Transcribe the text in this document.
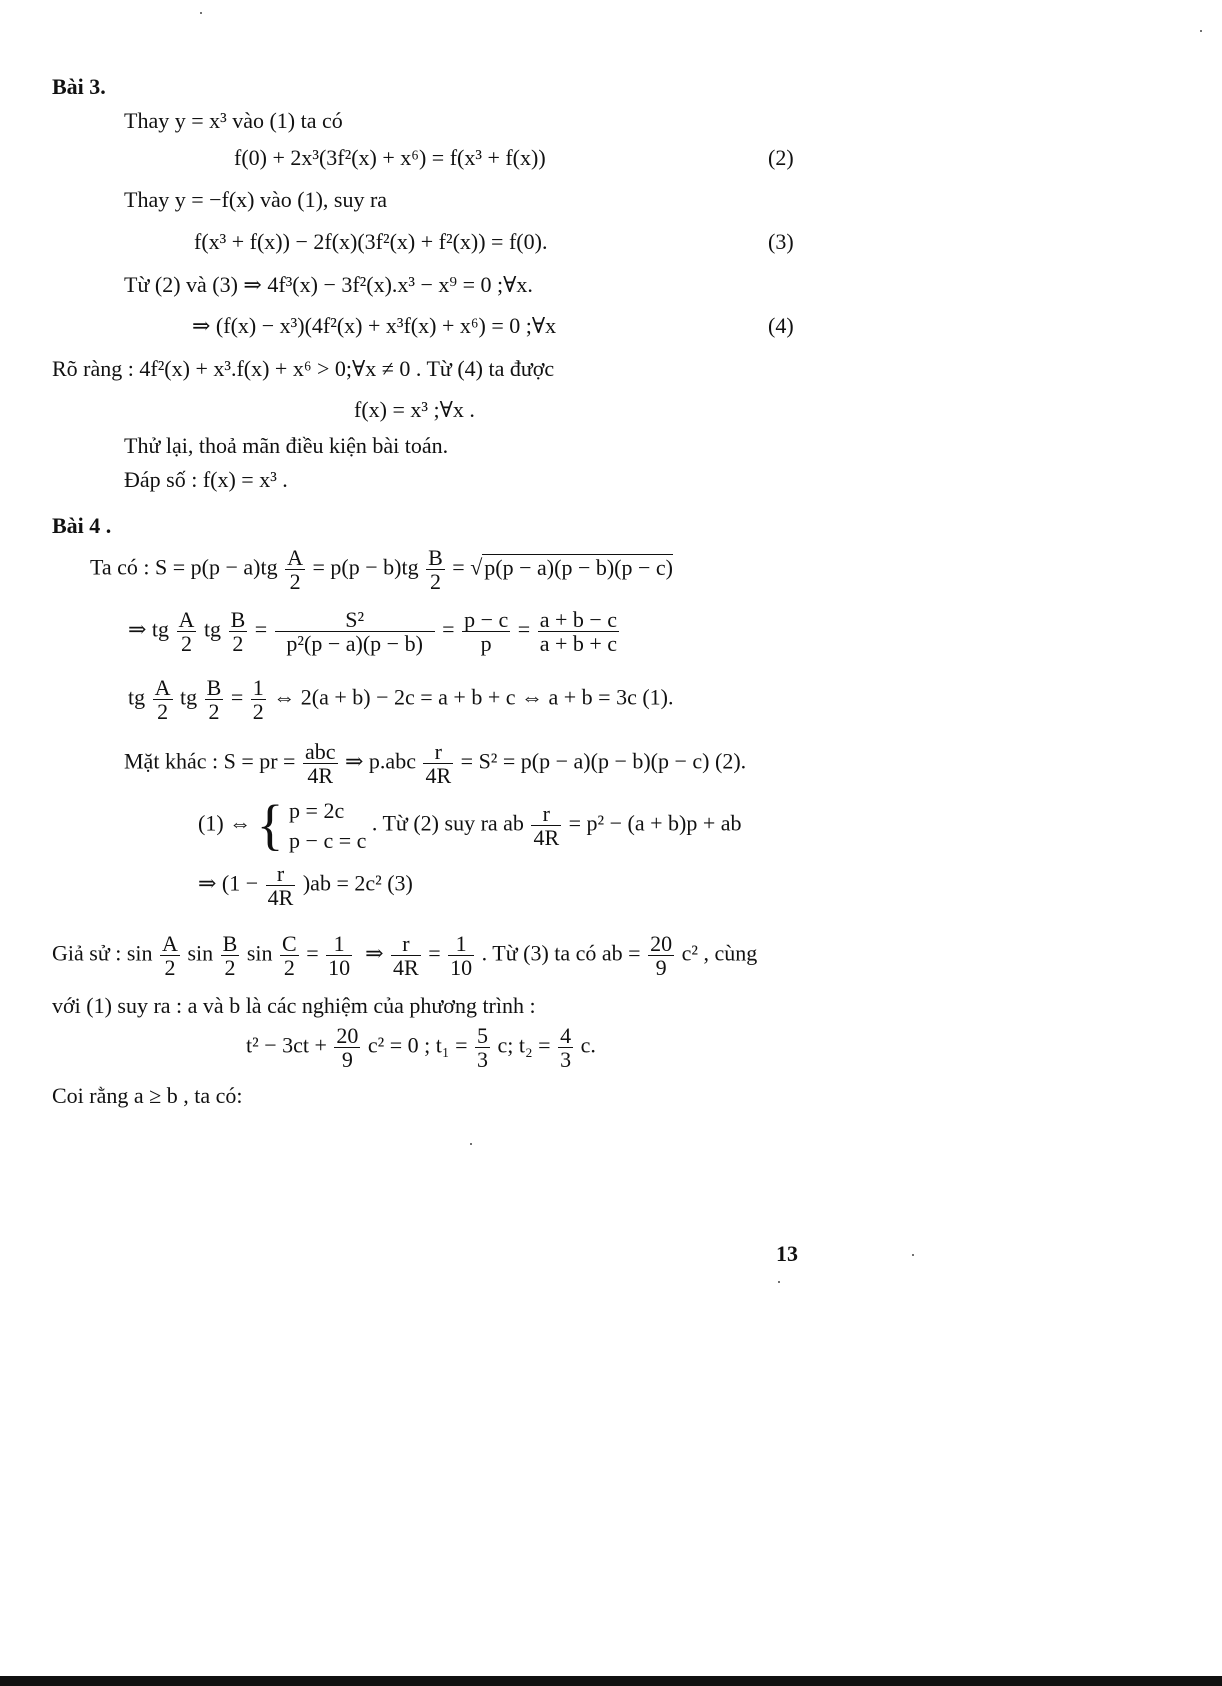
Bài 3.
Thay y = x³ vào (1) ta có
f(0) + 2x³(3f²(x) + x⁶) = f(x³ + f(x))	(2)
Thay y = −f(x) vào (1), suy ra
f(x³ + f(x)) − 2f(x)(3f²(x) + f²(x)) = f(0).	(3)
Từ (2) và (3) ⇒ 4f³(x) − 3f²(x).x³ − x⁹ = 0 ;∀x.
⇒ (f(x) − x³)(4f²(x) + x³f(x) + x⁶) = 0 ;∀x	(4)
Rõ ràng : 4f²(x) + x³.f(x) + x⁶ > 0;∀x ≠ 0 . Từ (4) ta được
f(x) = x³ ;∀x .
Thử lại, thoả mãn điều kiện bài toán.
Đáp số : f(x) = x³ .
Bài 4 .
Ta có : $S = p(p - a)tg \frac{A}{2} = p(p - b)tg \frac{B}{2} = √p(p - a)(p - b)(p - c)$
⇒ tg $\frac{A}{2}$ tg $\frac{B}{2} = \frac{\text{S²}}{\text{p²(p − a)(p − b)}} = \frac{p - c}{p} = \frac{a + b - c}{a + b + c}$
tg $\frac{A}{2}$ tg $\frac{B}{2} = \frac{1}{2}$ ⇔ 2(a + b) − 2c = a + b + c ⇔ a + b = 3c (1).
Mặt khác : S = pr = $\frac{\text{abc}}{4R}$ ⇒ $p.abc \frac{r}{4R} = S^2 = p(p - a)(p - b)(p - c)$ (2).
(1) ⇔ { p = 2c
p − c = c
. Từ (2) suy ra ab $\frac{r}{4R} = p^2 - (a + b)p$ + ab
⇒ $(1 - \frac{r}{4R} )ab = 2c^2$ (3)
Giả sử : $\sin \frac{A}{2}$ $\sin \frac{B}{2}$ $\sin \frac{C}{2} = \frac{1}{10}$ ⇒ $\frac{r}{4R} = \frac{1}{10}$ . Từ (3) ta có ab = $\frac{20}{9} c^2$ , cùng
với (1) suy ra : a và b là các nghiệm của phương trình :
$t^2 - 3ct + \frac{20}{9} c^2 = 0$ ; $t_1 = \frac{5}{3} c$; $t_2 = \frac{4}{3} c$.
Coi rằng a ≥ b , ta có:
13
